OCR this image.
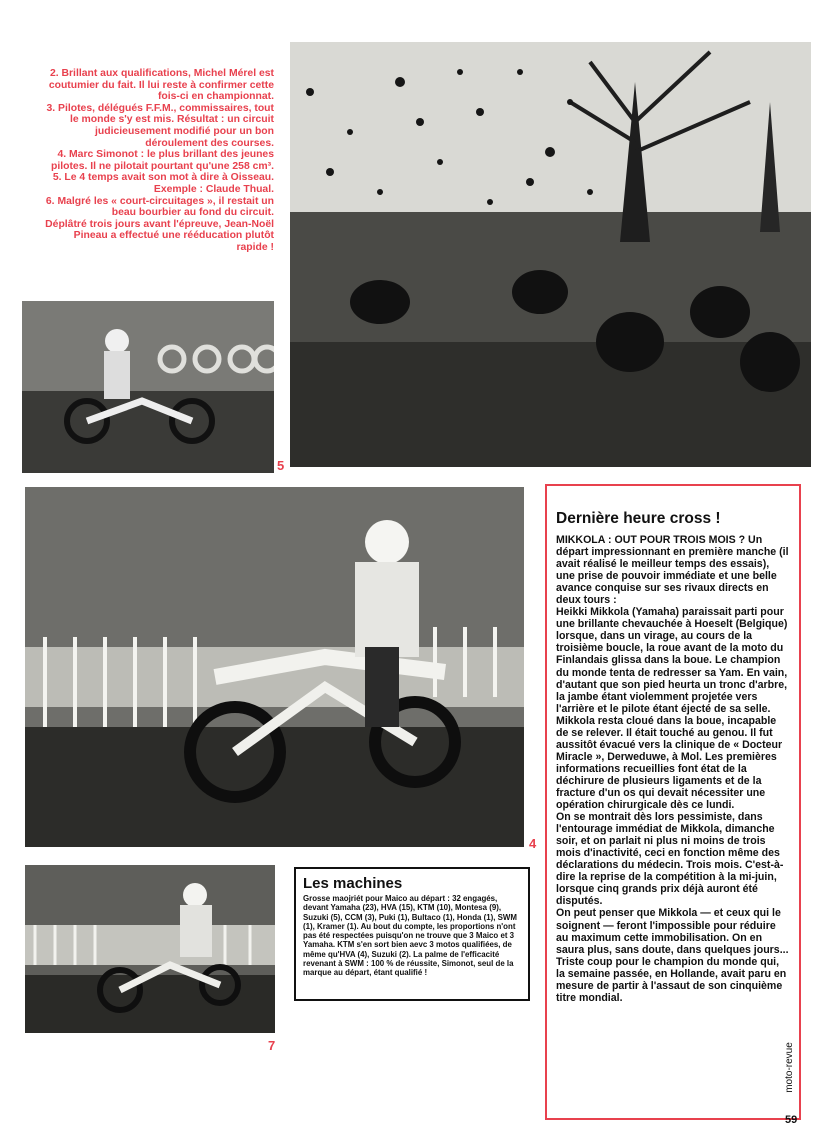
2. Brillant aux qualifications, Michel Mérel est coutumier du fait. Il lui reste à confirmer cette fois-ci en championnat.

3. Pilotes, délégués F.F.M., commissaires, tout le monde s'y est mis. Résultat : un circuit judicieusement modifié pour un bon déroulement des courses.

4. Marc Simonot : le plus brillant des jeunes pilotes. Il ne pilotait pourtant qu'une 258 cm³.

5. Le 4 temps avait son mot à dire à Oisseau. Exemple : Claude Thual.

6. Malgré les « court-circuitages », il restait un beau bourbier au fond du circuit.

Déplâtré trois jours avant l'épreuve, Jean-Noël Pineau a effectué une rééducation plutôt rapide !

5
4
7
Les machines

Grosse maojriét pour Maico au départ : 32 engagés, devant Yamaha (23), HVA (15), KTM (10), Montesa (9), Suzuki (5), CCM (3), Puki (1), Bultaco (1), Honda (1), SWM (1), Kramer (1). Au bout du compte, les proportions n'ont pas été respectées puisqu'on ne trouve que 3 Maico et 3 Yamaha. KTM s'en sort bien aevc 3 motos qualifiées, de même qu'HVA (4), Suzuki (2). La palme de l'efficacité revenant à SWM : 100 % de réussite, Simonot, seul de la marque au départ, étant qualifié !

Dernière heure cross !

MIKKOLA : OUT POUR TROIS MOIS ? Un départ impressionnant en première manche (il avait réalisé le meilleur temps des essais), une prise de pouvoir immédiate et une belle avance conquise sur ses rivaux directs en deux tours :

Heikki Mikkola (Yamaha) paraissait parti pour une brillante chevauchée à Hoeselt (Belgique) lorsque, dans un virage, au cours de la troisième boucle, la roue avant de la moto du Finlandais glissa dans la boue. Le champion du monde tenta de redresser sa Yam. En vain, d'autant que son pied heurta un tronc d'arbre, la jambe étant violemment projetée vers l'arrière et le pilote étant éjecté de sa selle. Mikkola resta cloué dans la boue, incapable de se relever. Il était touché au genou. Il fut aussitôt évacué vers la clinique de « Docteur Miracle », Derweduwe, à Mol. Les premières informations recueillies font état de la déchirure de plusieurs ligaments et de la fracture d'un os qui devait nécessiter une opération chirurgicale dès ce lundi.

On se montrait dès lors pessimiste, dans l'entourage immédiat de Mikkola, dimanche soir, et on parlait ni plus ni moins de trois mois d'inactivité, ceci en fonction même des déclarations du médecin. Trois mois. C'est-à-dire la reprise de la compétition à la mi-juin, lorsque cinq grands prix déjà auront été disputés.

On peut penser que Mikkola — et ceux qui le soignent — feront l'impossible pour réduire au maximum cette immobilisation. On en saura plus, sans doute, dans quelques jours...

Triste coup pour le champion du monde qui, la semaine passée, en Hollande, avait paru en mesure de partir à l'assaut de son cinquième titre mondial.

moto-revue
59
